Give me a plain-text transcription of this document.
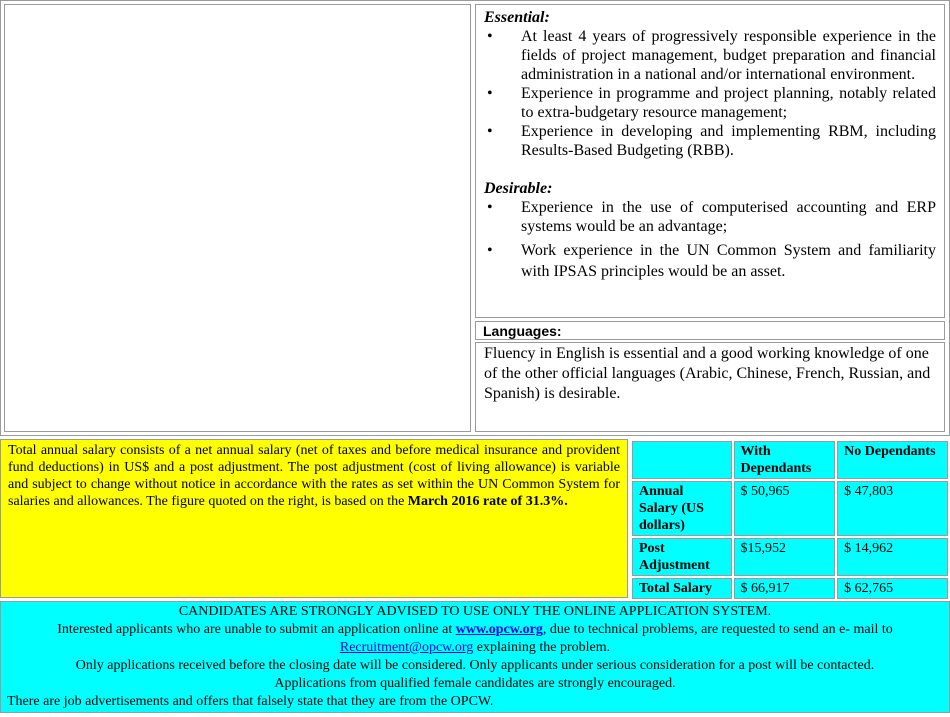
Essential:
• At least 4 years of progressively responsible experience in the fields of project management, budget preparation and financial administration in a national and/or international environment.
• Experience in programme and project planning, notably related to extra-budgetary resource management;
• Experience in developing and implementing RBM, including Results-Based Budgeting (RBB).
Desirable:
• Experience in the use of computerised accounting and ERP systems would be an advantage;
• Work experience in the UN Common System and familiarity with IPSAS principles would be an asset.
Languages:
Fluency in English is essential and a good working knowledge of one of the other official languages (Arabic, Chinese, French, Russian, and Spanish) is desirable.
Total annual salary consists of a net annual salary (net of taxes and before medical insurance and provident fund deductions) in US$ and a post adjustment. The post adjustment (cost of living allowance) is variable and subject to change without notice in accordance with the rates as set within the UN Common System for salaries and allowances. The figure quoted on the right, is based on the March 2016 rate of 31.3%.
	With Dependants	No Dependants
Annual Salary (US dollars)	$ 50,965	$ 47,803
Post Adjustment	$15,952	$ 14,962
Total Salary	$ 66,917	$ 62,765
CANDIDATES ARE STRONGLY ADVISED TO USE ONLY THE ONLINE APPLICATION SYSTEM.
Interested applicants who are unable to submit an application online at www.opcw.org, due to technical problems, are requested to send an e- mail to
Recruitment@opcw.org explaining the problem.
Only applications received before the closing date will be considered. Only applicants under serious consideration for a post will be contacted.
Applications from qualified female candidates are strongly encouraged.
There are job advertisements and offers that falsely state that they are from the OPCW.
